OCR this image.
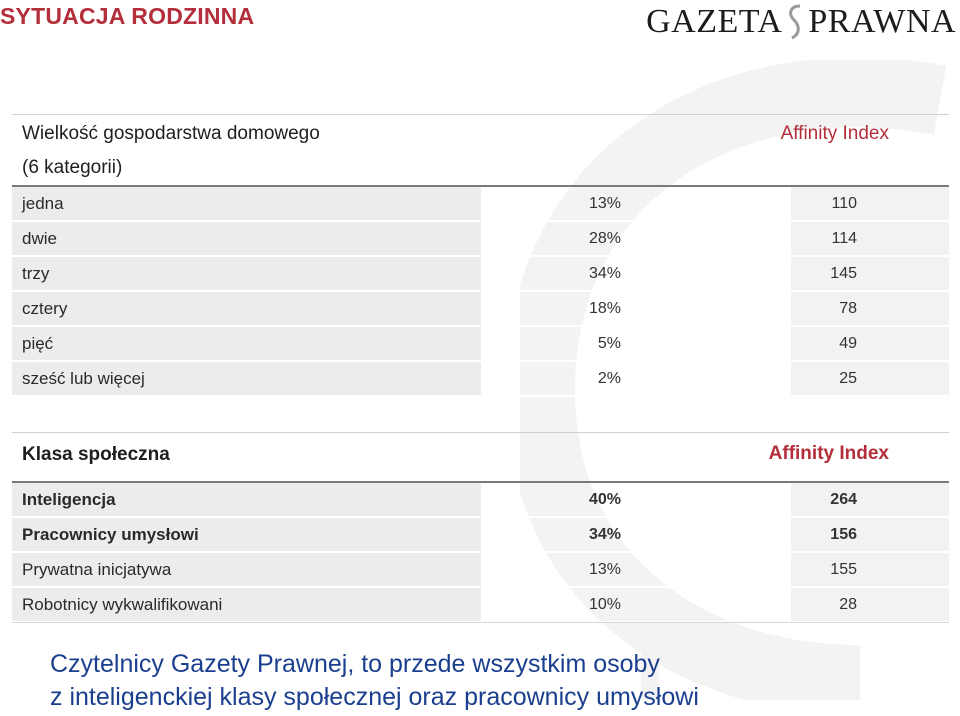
SYTUACJA RODZINNA	GAZETA PRAWNA
Wielkość gospodarstwa domowego
(6 kategorii)
Affinity Index
jedna	13%	110
dwie	28%	114
trzy	34%	145
cztery	18%	78
pięć	5%	49
sześć lub więcej	2%	25
Klasa społeczna	Affinity Index
Inteligencja	40%	264
Pracownicy umysłowi	34%	156
Prywatna inicjatywa	13%	155
Robotnicy wykwalifikowani	10%	28
Czytelnicy Gazety Prawnej, to przede wszystkim osoby
z inteligenckiej klasy społecznej oraz pracownicy umysłowi
